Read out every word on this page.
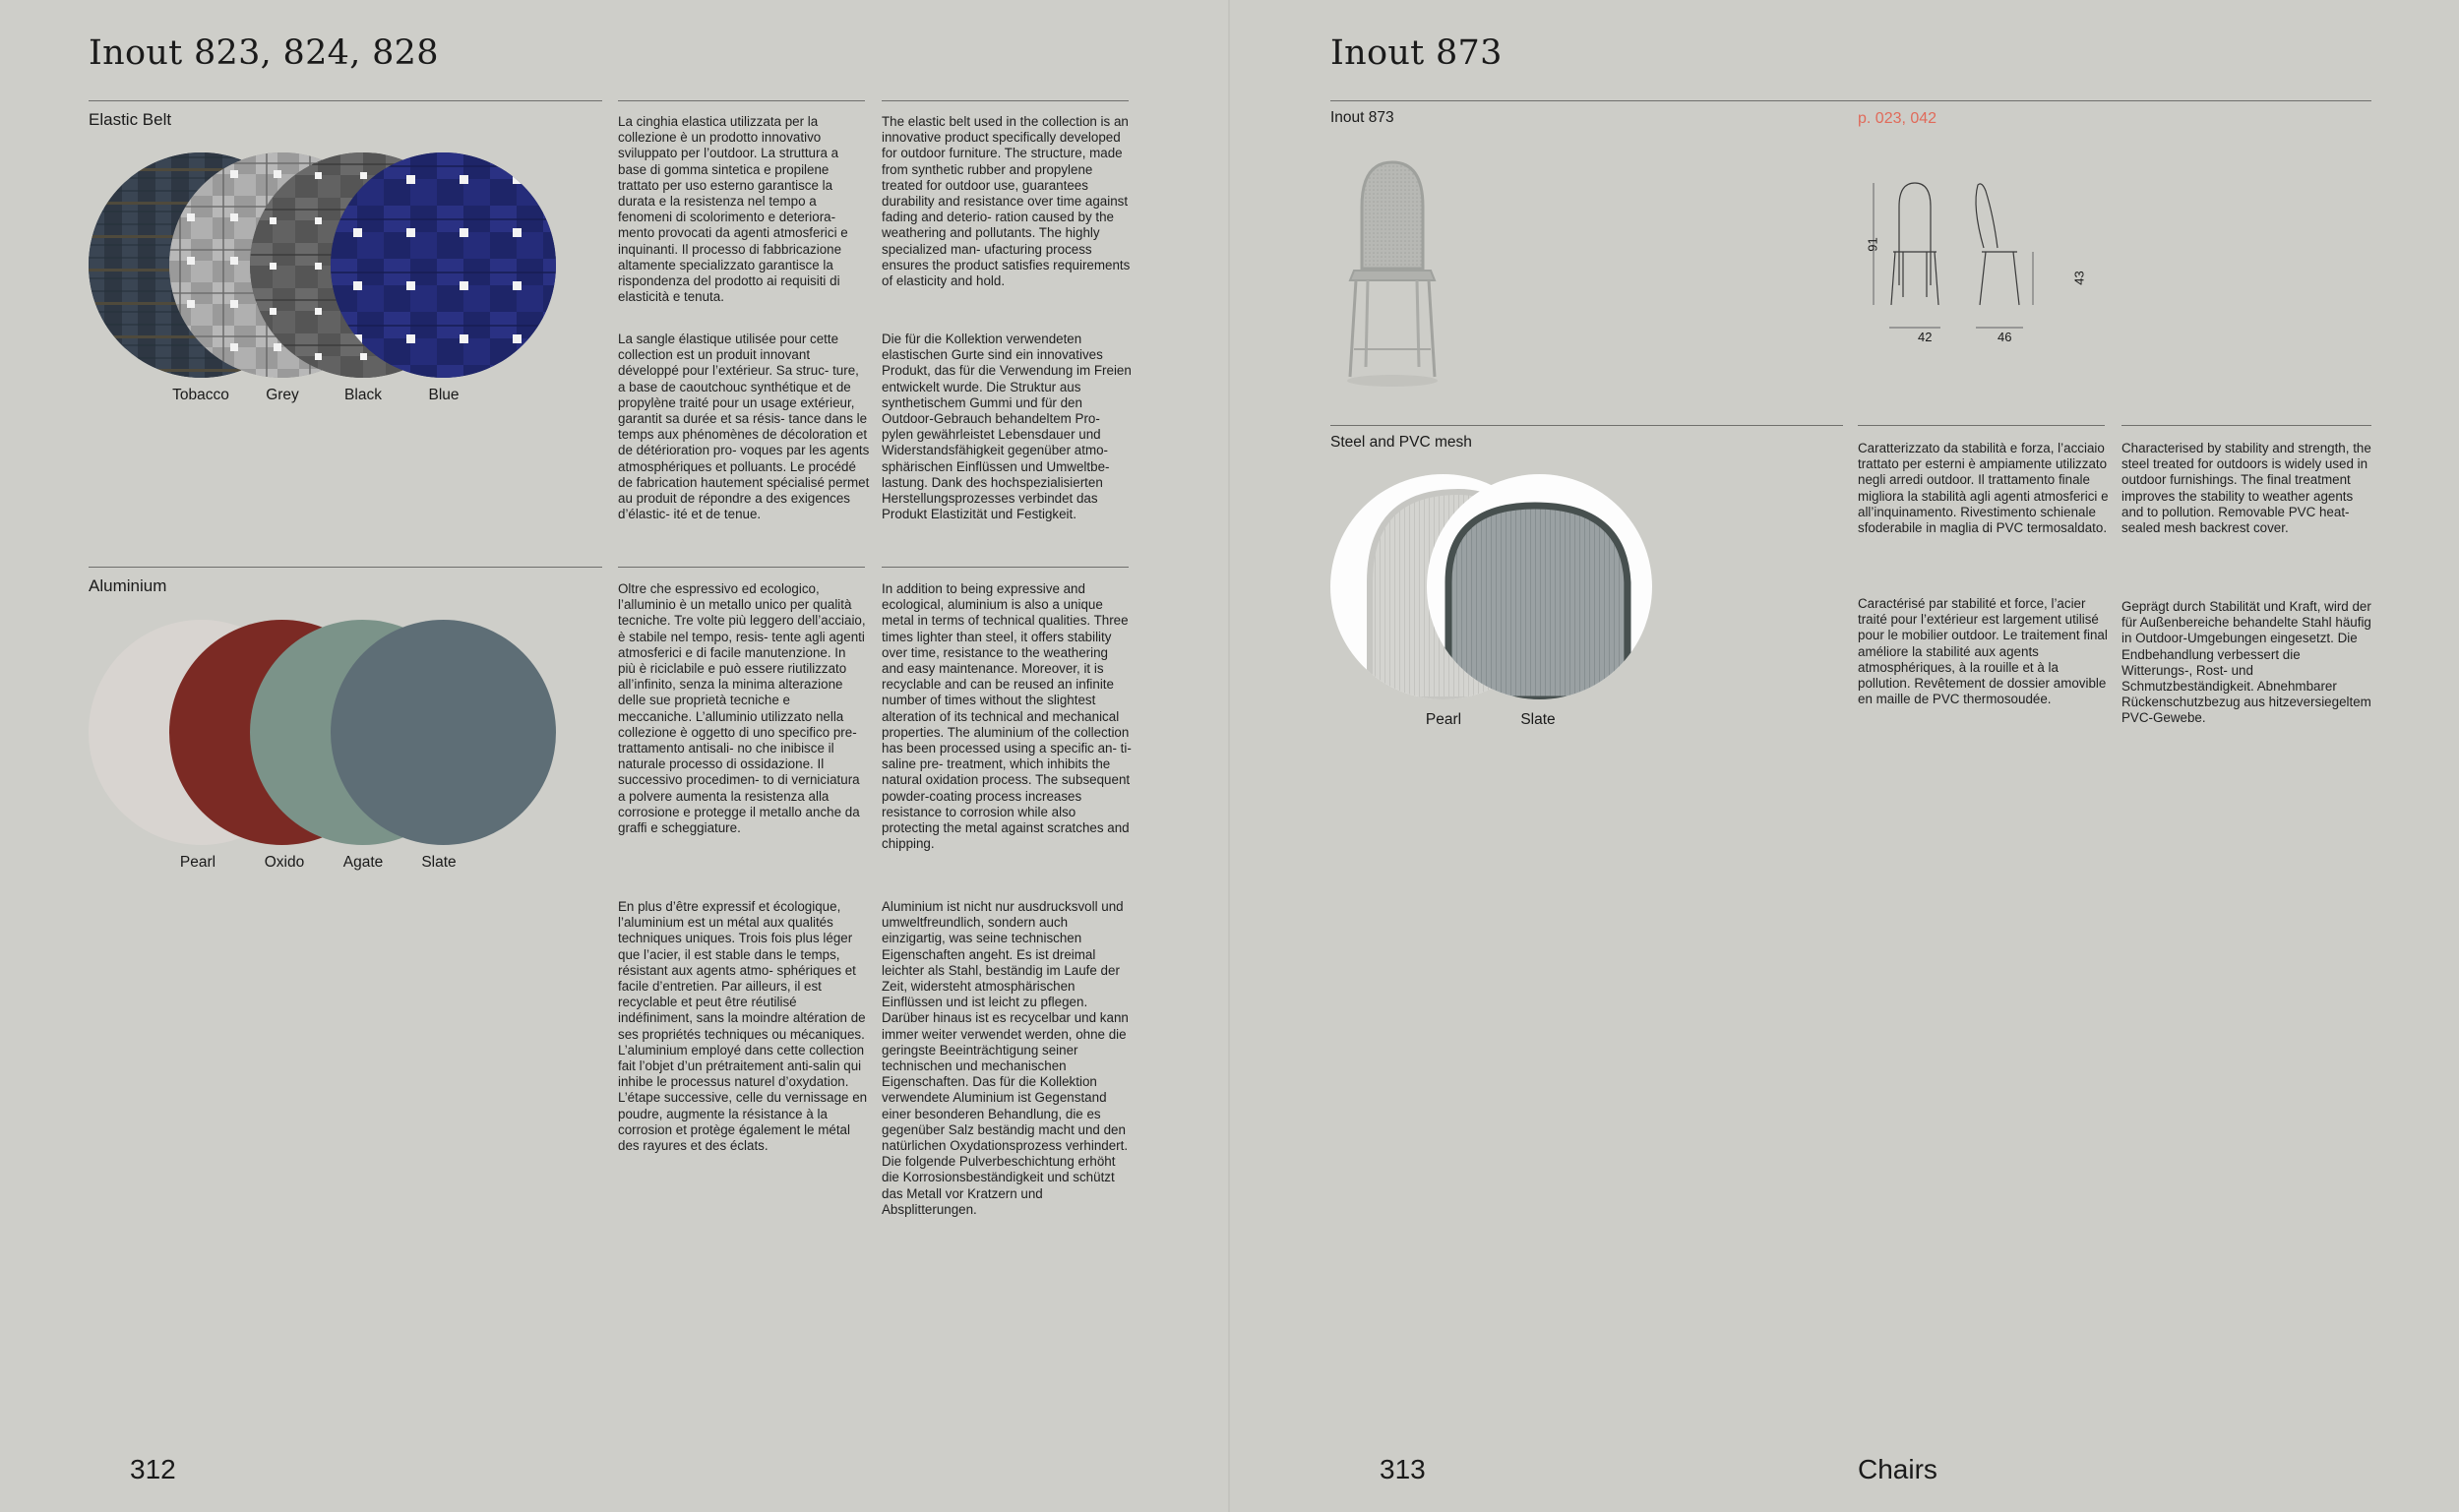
Inout 823, 824, 828
Elastic Belt
Tobacco	Grey	Black	Blue

La cinghia elastica utilizzata per la collezione è un prodotto innovativo sviluppato per l’outdoor. La struttura a base di gomma sintetica e propilene trattato per uso esterno garantisce la durata e la resistenza nel tempo a fenomeni di scolorimento e deteriora- mento provocati da agenti atmosferici e inquinanti. Il processo di fabbricazione altamente specializzato garantisce la rispondenza del prodotto ai requisiti di elasticità e tenuta.

The elastic belt used in the collection is an innovative product specifically developed for outdoor furniture. The structure, made from synthetic rubber and propylene treated for outdoor use, guarantees durability and resistance over time against fading and deterio- ration caused by the weathering and pollutants. The highly specialized man- ufacturing process ensures the product satisfies requirements of elasticity and hold.

La sangle élastique utilisée pour cette collection est un produit innovant développé pour l’extérieur. Sa struc- ture, a base de caoutchouc synthétique et de propylène traité pour un usage extérieur, garantit sa durée et sa résis- tance dans le temps aux phénomènes de décoloration et de détérioration pro- voques par les agents atmosphériques et polluants. Le procédé de fabrication hautement spécialisé permet au produit de répondre a des exigences d’élastic- ité et de tenue.

Die für die Kollektion verwendeten elastischen Gurte sind ein innovatives Produkt, das für die Verwendung im Freien entwickelt wurde. Die Struktur aus synthetischem Gummi und für den Outdoor-Gebrauch behandeltem Pro- pylen gewährleistet Lebensdauer und Widerstandsfähigkeit gegenüber atmo- sphärischen Einflüssen und Umweltbe- lastung. Dank des hochspezialisierten Herstellungsprozesses verbindet das Produkt Elastizität und Festigkeit.

Aluminium
Pearl	Oxido	Agate	Slate

Oltre che espressivo ed ecologico, l’alluminio è un metallo unico per qualità tecniche. Tre volte più leggero dell’acciaio, è stabile nel tempo, resis- tente agli agenti atmosferici e di facile manutenzione. In più è riciclabile e può essere riutilizzato all’infinito, senza la minima alterazione delle sue proprietà tecniche e meccaniche. L’alluminio utilizzato nella collezione è oggetto di uno specifico pre-trattamento antisali- no che inibisce il naturale processo di ossidazione. Il successivo procedimen- to di verniciatura a polvere aumenta la resistenza alla corrosione e protegge il metallo anche da graffi e scheggiature.

In addition to being expressive and ecological, aluminium is also a unique metal in terms of technical qualities. Three times lighter than steel, it offers stability over time, resistance to the weathering and easy maintenance. Moreover, it is recyclable and can be reused an infinite number of times without the slightest alteration of its technical and mechanical properties. The aluminium of the collection has been processed using a specific an- ti-saline pre- treatment, which inhibits the natural oxidation process. The subsequent powder-coating process increases resistance to corrosion while also protecting the metal against scratches and chipping.

En plus d’être expressif et écologique, l’aluminium est un métal aux qualités techniques uniques. Trois fois plus léger que l’acier, il est stable dans le temps, résistant aux agents atmo- sphériques et facile d’entretien. Par ailleurs, il est recyclable et peut être réutilisé indéfiniment, sans la moindre altération de ses propriétés techniques ou mécaniques. L’aluminium employé dans cette collection fait l’objet d’un prétraitement anti-salin qui inhibe le processus naturel d’oxydation. L’étape successive, celle du vernissage en poudre, augmente la résistance à la corrosion et protège également le métal des rayures et des éclats.

Aluminium ist nicht nur ausdrucksvoll und umweltfreundlich, sondern auch einzigartig, was seine technischen Eigenschaften angeht. Es ist dreimal leichter als Stahl, beständig im Laufe der Zeit, widersteht atmosphärischen Einflüssen und ist leicht zu pflegen. Darüber hinaus ist es recycelbar und kann immer weiter verwendet werden, ohne die geringste Beeinträchtigung seiner technischen und mechanischen Eigenschaften. Das für die Kollektion verwendete Aluminium ist Gegenstand einer besonderen Behandlung, die es gegenüber Salz beständig macht und den natürlichen Oxydationsprozess verhindert. Die folgende Pulverbeschichtung erhöht die Korrosionsbeständigkeit und schützt das Metall vor Kratzern und Absplitterungen.

312
Inout 873
Inout 873	p. 023, 042
91
43
42	46
Steel and PVC mesh
Pearl	Slate

Caratterizzato da stabilità e forza, l’acciaio trattato per esterni è ampiamente utilizzato negli arredi outdoor. Il trattamento finale migliora la stabilità agli agenti atmosferici e all’inquinamento. Rivestimento schienale sfoderabile in maglia di PVC termosaldato.

Characterised by stability and strength, the steel treated for outdoors is widely used in outdoor furnishings. The final treatment improves the stability to weather agents and to pollution. Removable PVC heat-sealed mesh backrest cover.

Caractérisé par stabilité et force, l’acier traité pour l’extérieur est largement utilisé pour le mobilier outdoor. Le traitement final améliore la stabilité aux agents atmosphériques, à la rouille et à la pollution. Revêtement de dossier amovible en maille de PVC thermosoudée.

Geprägt durch Stabilität und Kraft, wird der für Außenbereiche behandelte Stahl häufig in Outdoor-Umgebungen eingesetzt. Die Endbehandlung verbessert die Witterungs-, Rost- und Schmutzbeständigkeit. Abnehmbarer Rückenschutzbezug aus hitzeversiegeltem PVC-Gewebe.

313	Chairs
